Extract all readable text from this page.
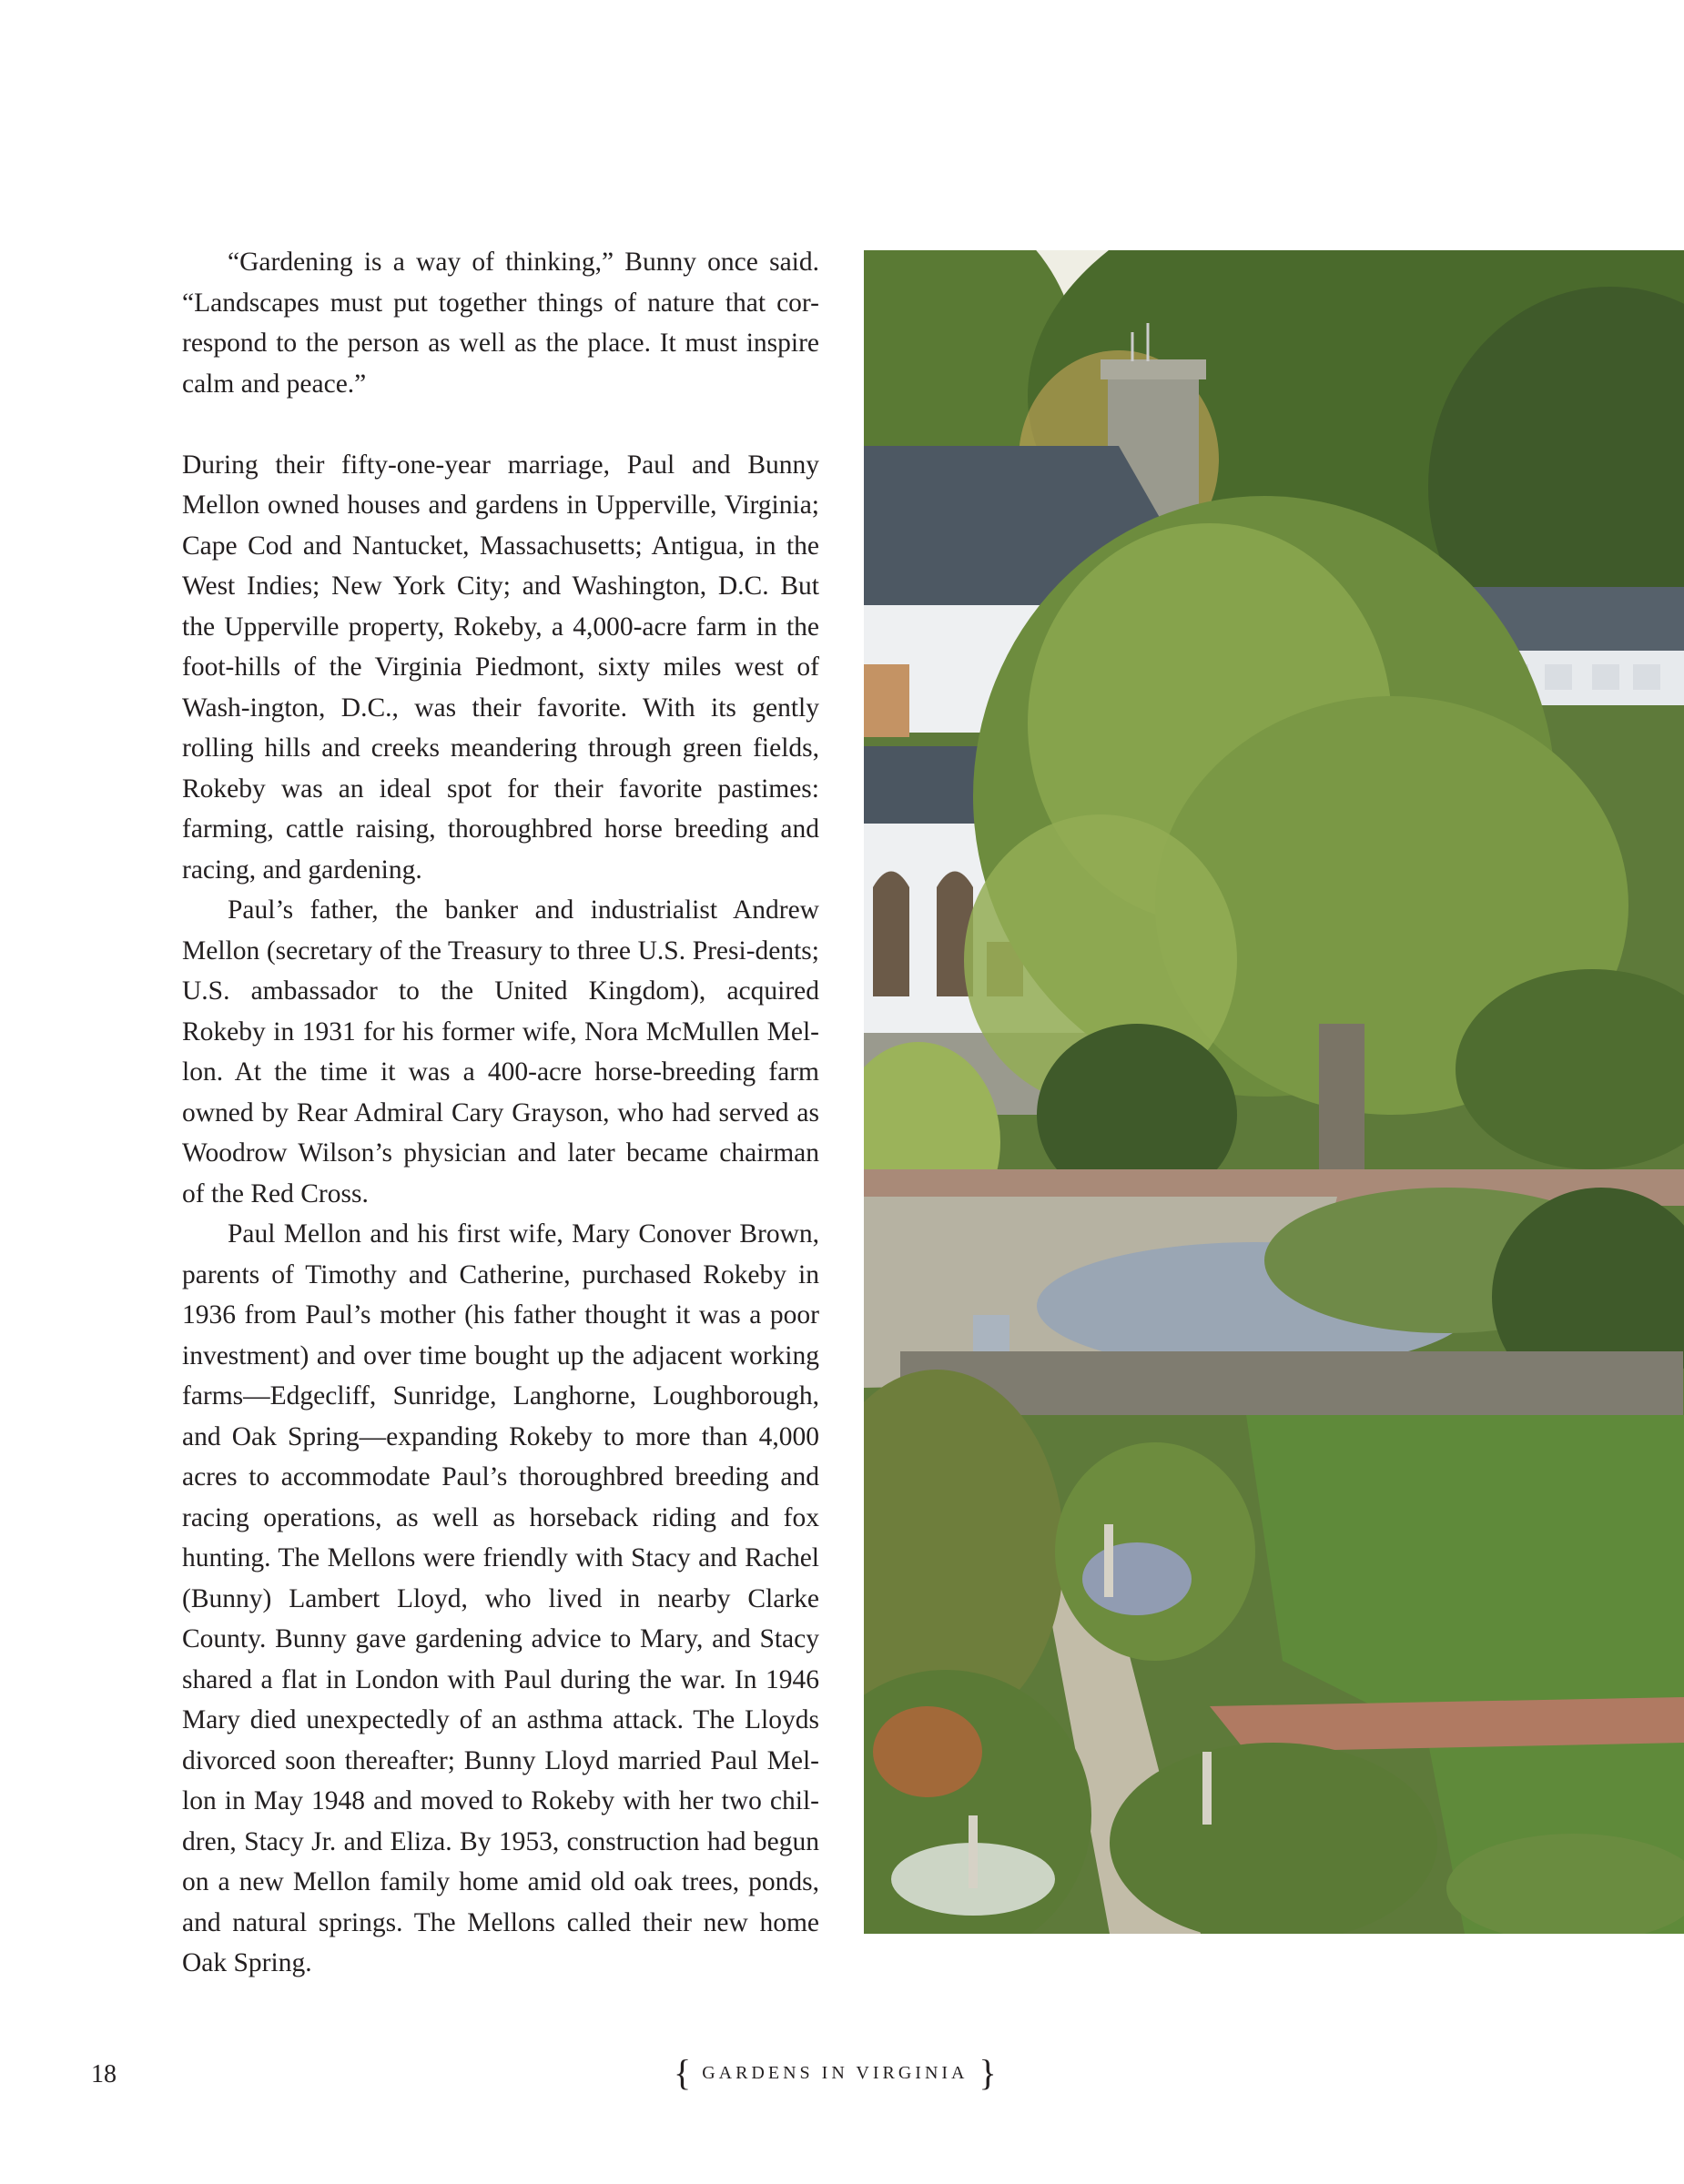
“Gardening is a way of thinking,” Bunny once said. “Landscapes must put together things of nature that cor-respond to the person as well as the place. It must inspire calm and peace.”

During their fifty-one-year marriage, Paul and Bunny Mellon owned houses and gardens in Upperville, Virginia; Cape Cod and Nantucket, Massachusetts; Antigua, in the West Indies; New York City; and Washington, D.C. But the Upperville property, Rokeby, a 4,000-acre farm in the foot-hills of the Virginia Piedmont, sixty miles west of Wash-ington, D.C., was their favorite. With its gently rolling hills and creeks meandering through green fields, Rokeby was an ideal spot for their favorite pastimes: farming, cattle raising, thoroughbred horse breeding and racing, and gardening.

Paul’s father, the banker and industrialist Andrew Mellon (secretary of the Treasury to three U.S. Presi-dents; U.S. ambassador to the United Kingdom), acquired Rokeby in 1931 for his former wife, Nora McMullen Mel-lon. At the time it was a 400-acre horse-breeding farm owned by Rear Admiral Cary Grayson, who had served as Woodrow Wilson’s physician and later became chairman of the Red Cross.

Paul Mellon and his first wife, Mary Conover Brown, parents of Timothy and Catherine, purchased Rokeby in 1936 from Paul’s mother (his father thought it was a poor investment) and over time bought up the adjacent working farms—Edgecliff, Sunridge, Langhorne, Loughborough, and Oak Spring—expanding Rokeby to more than 4,000 acres to accommodate Paul’s thoroughbred breeding and racing operations, as well as horseback riding and fox hunting. The Mellons were friendly with Stacy and Rachel (Bunny) Lambert Lloyd, who lived in nearby Clarke County. Bunny gave gardening advice to Mary, and Stacy shared a flat in London with Paul during the war. In 1946 Mary died unexpectedly of an asthma attack. The Lloyds divorced soon thereafter; Bunny Lloyd married Paul Mel-lon in May 1948 and moved to Rokeby with her two chil-dren, Stacy Jr. and Eliza. By 1953, construction had begun on a new Mellon family home amid old oak trees, ponds, and natural springs. The Mellons called their new home Oak Spring.

18	{ GARDENS IN VIRGINIA }
